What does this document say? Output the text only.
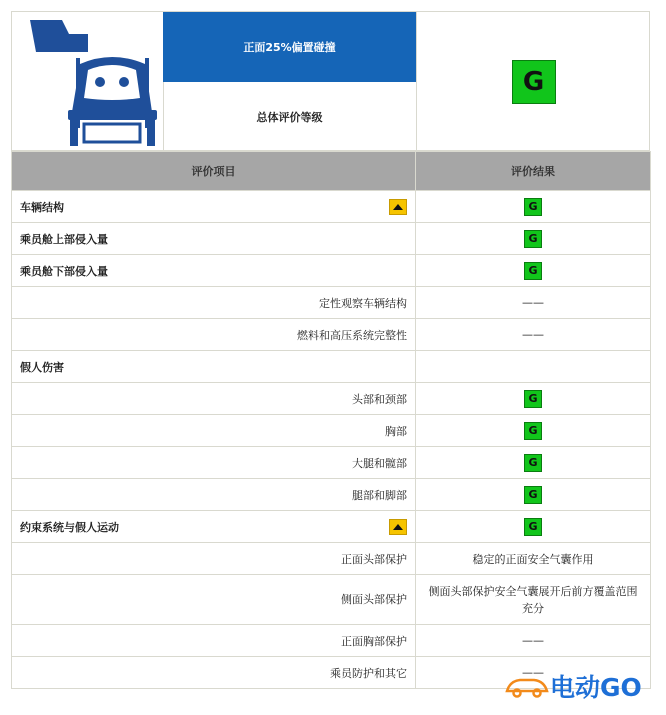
正面25%偏置碰撞
总体评价等级
G
评价项目	评价结果

车辆结构	G

乘员舱上部侵入量	G

乘员舱下部侵入量	G

定性观察车辆结构	——

燃料和高压系统完整性	——

假人伤害	

头部和颈部	G

胸部	G

大腿和髋部	G

腿部和脚部	G

约束系统与假人运动	G

正面头部保护	稳定的正面安全气囊作用

侧面头部保护	侧面头部保护安全气囊展开后前方覆盖范围充分

正面胸部保护	——

乘员防护和其它	——
电动GO
